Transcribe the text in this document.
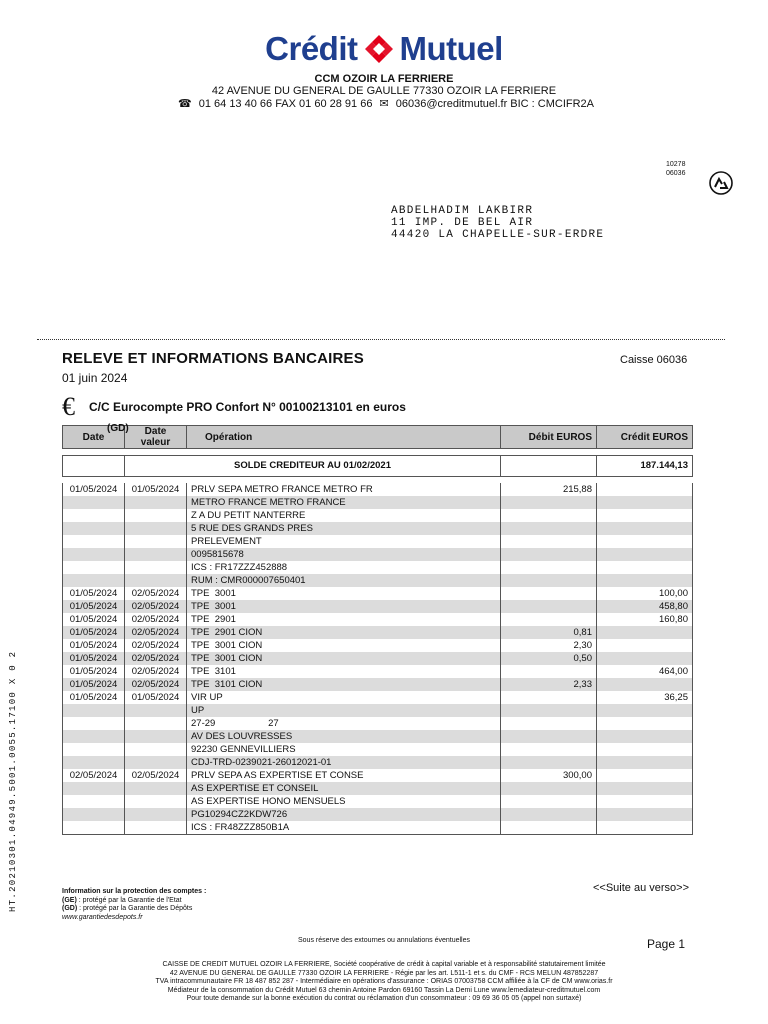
Crédit Mutuel
CCM OZOIR LA FERRIERE
42 AVENUE DU GENERAL DE GAULLE 77330 OZOIR LA FERRIERE
☎ 01 64 13 40 66 FAX 01 60 28 91 66 ✉ 06036@creditmutuel.fr BIC : CMCIFR2A
10278
06036
ABDELHADIM LAKBIRR
11 IMP. DE BEL AIR
44420 LA CHAPELLE-SUR-ERDRE
RELEVE ET INFORMATIONS BANCAIRES
01 juin 2024
Caisse 06036
€ C/C Eurocompte PRO Confort N° 00100213101 en euros
Date
(GD)	Date valeur	Opération	Débit EUROS	Crédit EUROS

	SOLDE CREDITEUR AU 01/02/2021			187.144,13

01/05/2024	01/05/2024	PRLV SEPA METRO FRANCE METRO FR	215,88	
		METRO FRANCE METRO FRANCE		
		Z A DU PETIT NANTERRE		
		5 RUE DES GRANDS PRES		
		PRELEVEMENT		
		0095815678		
		ICS : FR17ZZZ452888		
		RUM : CMR000007650401		
01/05/2024	02/05/2024	TPE  3001		100,00
01/05/2024	02/05/2024	TPE  3001		458,80
01/05/2024	02/05/2024	TPE  2901		160,80
01/05/2024	02/05/2024	TPE  2901 CION	0,81	
01/05/2024	02/05/2024	TPE  3001 CION	2,30	
01/05/2024	02/05/2024	TPE  3001 CION	0,50	
01/05/2024	02/05/2024	TPE  3101		464,00
01/05/2024	02/05/2024	TPE  3101 CION	2,33	
01/05/2024	01/05/2024	VIR UP		36,25
		UP		
		27-29                    27		
		AV DES LOUVRESSES		
		92230 GENNEVILLIERS		
		CDJ-TRD-0239021-26012021-01		
02/05/2024	02/05/2024	PRLV SEPA AS EXPERTISE ET CONSE	300,00	
		AS EXPERTISE ET CONSEIL		
		AS EXPERTISE HONO MENSUELS		
		PG10294CZ2KDW726		
		ICS : FR48ZZZ850B1A		
HT.20210301.04949.5001.0055.17100 X 0 2	<<Suite au verso>>
Information sur la protection des comptes :
(GE) : protégé par la Garantie de l'Etat
(GD) : protégé par la Garantie des Dépôts
www.garantiedesdepots.fr
Sous réserve des extournes ou annulations éventuelles	Page 1
CAISSE DE CREDIT MUTUEL OZOIR LA FERRIERE, Société coopérative de crédit à capital variable et à responsabilité statutairement limitée
42 AVENUE DU GENERAL DE GAULLE 77330 OZOIR LA FERRIERE - Régie par les art. L511-1 et s. du CMF - RCS MELUN 487852287
TVA intracommunautaire FR 18 487 852 287 - Intermédiaire en opérations d'assurance : ORIAS 07003758 CCM affiliée à la CF de CM www.orias.fr
Médiateur de la consommation du Crédit Mutuel 63 chemin Antoine Pardon 69160 Tassin La Demi Lune www.lemediateur-creditmutuel.com
Pour toute demande sur la bonne exécution du contrat ou réclamation d'un consommateur : 09 69 36 05 05 (appel non surtaxé)
